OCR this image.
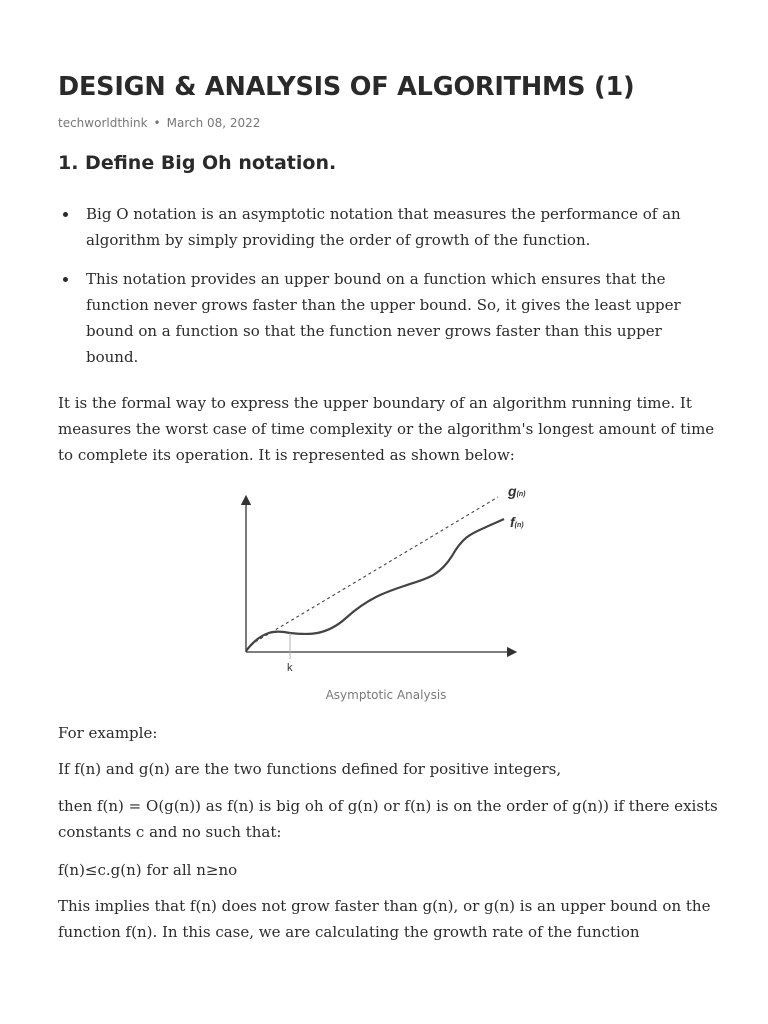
DESIGN & ANALYSIS OF ALGORITHMS (1)
techworldthink • March 08, 2022
1. Define Big Oh notation.
Big O notation is an asymptotic notation that measures the performance of an algorithm by simply providing the order of growth of the function.
This notation provides an upper bound on a function which ensures that the function never grows faster than the upper bound. So, it gives the least upper bound on a function so that the function never grows faster than this upper bound.

It is the formal way to express the upper boundary of an algorithm running time. It measures the worst case of time complexity or the algorithm's longest amount of time to complete its operation. It is represented as shown below:

g(n)
f(n)
k
Asymptotic Analysis

For example:

If f(n) and g(n) are the two functions defined for positive integers,

then f(n) = O(g(n)) as f(n) is big oh of g(n) or f(n) is on the order of g(n)) if there exists constants c and no such that:

f(n)≤c.g(n) for all n≥no

This implies that f(n) does not grow faster than g(n), or g(n) is an upper bound on the function f(n). In this case, we are calculating the growth rate of the function
